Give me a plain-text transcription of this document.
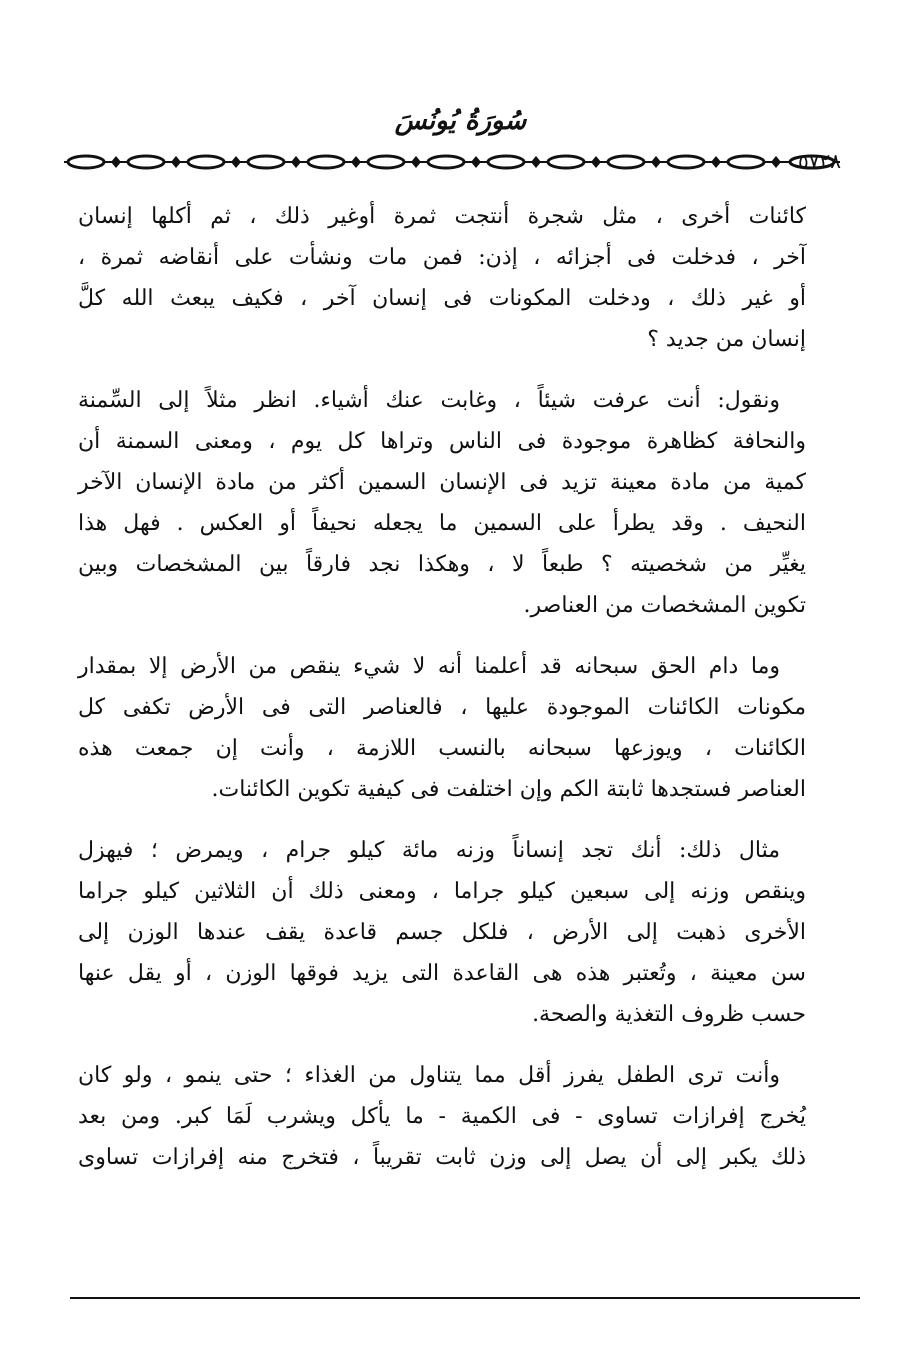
سُورَةُ يُونُسَ
٥٧٢٨

كائنات أخرى ، مثل شجرة أنتجت ثمرة أوغير ذلك ، ثم أكلها إنسان
آخر ، فدخلت فى أجزائه ، إذن: فمن مات ونشأت على أنقاضه ثمرة ،
أو غير ذلك ، ودخلت المكونات فى إنسان آخر ، فكيف يبعث الله كلَّ
إنسان من جديد ؟

ونقول: أنت عرفت شيئاً ، وغابت عنك أشياء. انظر مثلاً إلى السِّمنة
والنحافة كظاهرة موجودة فى الناس وتراها كل يوم ، ومعنى السمنة أن
كمية من مادة معينة تزيد فى الإنسان السمين أكثر من مادة الإنسان الآخر
النحيف . وقد يطرأ على السمين ما يجعله نحيفاً أو العكس . فهل هذا
يغيِّر من شخصيته ؟ طبعاً لا ، وهكذا نجد فارقاً بين المشخصات وبين
تكوين المشخصات من العناصر.

وما دام الحق سبحانه قد أعلمنا أنه لا شيء ينقص من الأرض إلا بمقدار
مكونات الكائنات الموجودة عليها ، فالعناصر التى فى الأرض تكفى كل
الكائنات ، ويوزعها سبحانه بالنسب اللازمة ، وأنت إن جمعت هذه
العناصر فستجدها ثابتة الكم وإن اختلفت فى كيفية تكوين الكائنات.

مثال ذلك: أنك تجد إنساناً وزنه مائة كيلو جرام ، ويمرض ؛ فيهزل
وينقص وزنه إلى سبعين كيلو جراما ، ومعنى ذلك أن الثلاثين كيلو جراما
الأخرى ذهبت إلى الأرض ، فلكل جسم قاعدة يقف عندها الوزن إلى
سن معينة ، وتُعتبر هذه هى القاعدة التى يزيد فوقها الوزن ، أو يقل عنها
حسب ظروف التغذية والصحة.

وأنت ترى الطفل يفرز أقل مما يتناول من الغذاء ؛ حتى ينمو ، ولو كان
يُخرج إفرازات تساوى - فى الكمية - ما يأكل ويشرب لَمَا كبر. ومن بعد
ذلك يكبر إلى أن يصل إلى وزن ثابت تقريباً ، فتخرج منه إفرازات تساوى
